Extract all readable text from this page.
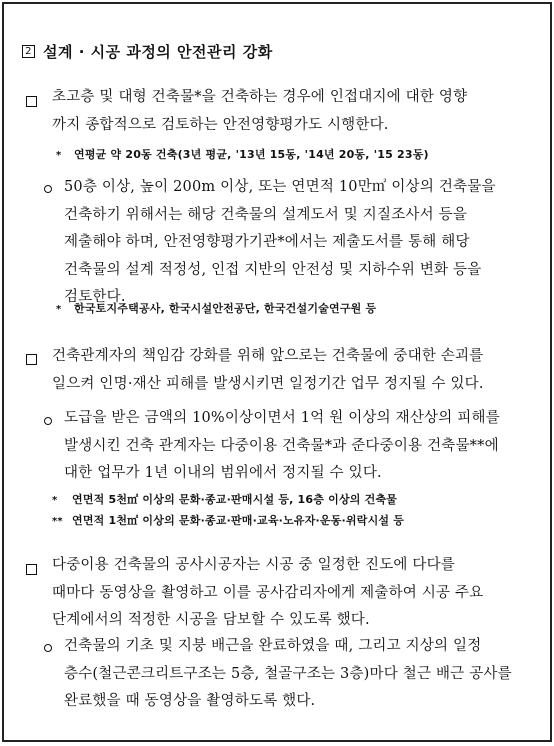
2 설계 · 시공 과정의 안전관리 강화
초고층 및 대형 건축물*을 건축하는 경우에 인접대지에 대한 영향
까지 종합적으로 검토하는 안전영향평가도 시행한다.
* 연평균 약 20동 건축(3년 평균, '13년 15동, '14년 20동, '15 23동)
50층 이상, 높이 200m 이상, 또는 연면적 10만㎡ 이상의 건축물을
건축하기 위해서는 해당 건축물의 설계도서 및 지질조사서 등을
제출해야 하며, 안전영향평가기관*에서는 제출도서를 통해 해당
건축물의 설계 적정성, 인접 지반의 안전성 및 지하수위 변화 등을
검토한다.
* 한국토지주택공사, 한국시설안전공단, 한국건설기술연구원 등
건축관계자의 책임감 강화를 위해 앞으로는 건축물에 중대한 손괴를
일으켜 인명·재산 피해를 발생시키면 일정기간 업무 정지될 수 있다.
도급을 받은 금액의 10%이상이면서 1억 원 이상의 재산상의 피해를
발생시킨 건축 관계자는 다중이용 건축물*과 준다중이용 건축물**에
대한 업무가 1년 이내의 범위에서 정지될 수 있다.
* 연면적 5천㎡ 이상의 문화·종교·판매시설 등, 16층 이상의 건축물
** 연면적 1천㎡ 이상의 문화·종교·판매·교육·노유자·운동·위락시설 등
다중이용 건축물의 공사시공자는 시공 중 일정한 진도에 다다를
때마다 동영상을 촬영하고 이를 공사감리자에게 제출하여 시공 주요
단계에서의 적정한 시공을 담보할 수 있도록 했다.
건축물의 기초 및 지붕 배근을 완료하였을 때, 그리고 지상의 일정
층수(철근콘크리트구조는 5층, 철골구조는 3층)마다 철근 배근 공사를
완료했을 때 동영상을 촬영하도록 했다.
